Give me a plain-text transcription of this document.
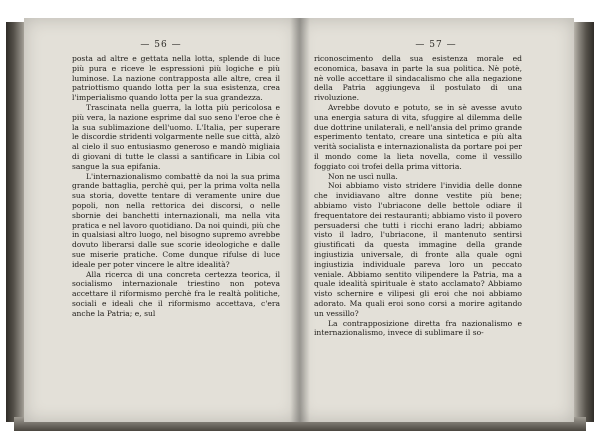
— 56 —

posta ad altre e gettata nella lotta, splende di luce più pura e riceve le espressioni più logiche e più luminose. La nazione contrapposta alle altre, crea il patriottismo quando lotta per la sua esistenza, crea l'imperialismo quando lotta per la sua grandezza.

Trascinata nella guerra, la lotta più pericolosa e più vera, la nazione esprime dal suo seno l'eroe che è la sua sublimazione dell'uomo. L'Italia, per superare le discordie stridenti volgarmente nelle sue città, alzò al cielo il suo entusiasmo generoso e mandò migliaia di giovani di tutte le classi a santificare in Libia col sangue la sua epifania.

L'internazionalismo combattè da noi la sua prima grande battaglia, perchè qui, per la prima volta nella sua storia, dovette tentare di veramente unire due popoli, non nella rettorica dei discorsi, o nelle sbornie dei banchetti internazionali, ma nella vita pratica e nel lavoro quotidiano. Da noi quindi, più che in qualsiasi altro luogo, nel bisogno supremo avrebbe dovuto liberarsi dalle sue scorie ideologiche e dalle sue miserie pratiche. Come dunque rifulse di luce ideale per poter vincere le altre idealità?

Alla ricerca di una concreta certezza teorica, il socialismo internazionale triestino non poteva accettare il riformismo perchè fra le realtà politiche, sociali e ideali che il riformismo accettava, c'era anche la Patria; e, sul

— 57 —

riconoscimento della sua esistenza morale ed economica, basava in parte la sua politica. Nè potè, nè volle accettare il sindacalismo che alla negazione della Patria aggiungeva il postulato di una rivoluzione.

Avrebbe dovuto e potuto, se in sè avesse avuto una energia satura di vita, sfuggire al dilemma delle due dottrine unilaterali, e nell'ansia del primo grande esperimento tentato, creare una sintetica e più alta verità socialista e internazionalista da portare poi per il mondo come la lieta novella, come il vessillo foggiato coi trofei della prima vittoria.

Non ne uscì nulla.

Noi abbiamo visto stridere l'invidia delle donne che invidiavano altre donne vestite più bene; abbiamo visto l'ubriacone delle bettole odiare il frequentatore dei restauranti; abbiamo visto il povero persuadersi che tutti i ricchi erano ladri; abbiamo visto il ladro, l'ubriacone, il mantenuto sentirsi giustificati da questa immagine della grande ingiustizia universale, di fronte alla quale ogni ingiustizia individuale pareva loro un peccato veniale. Abbiamo sentito vilipendere la Patria, ma a quale idealità spirituale è stato acclamato? Abbiamo visto schernire e vilipesi gli eroi che noi abbiamo adorato. Ma quali eroi sono corsi a morire agitando un vessillo?

La contrapposizione diretta fra nazionalismo e internazionalismo, invece di sublimare il so-
